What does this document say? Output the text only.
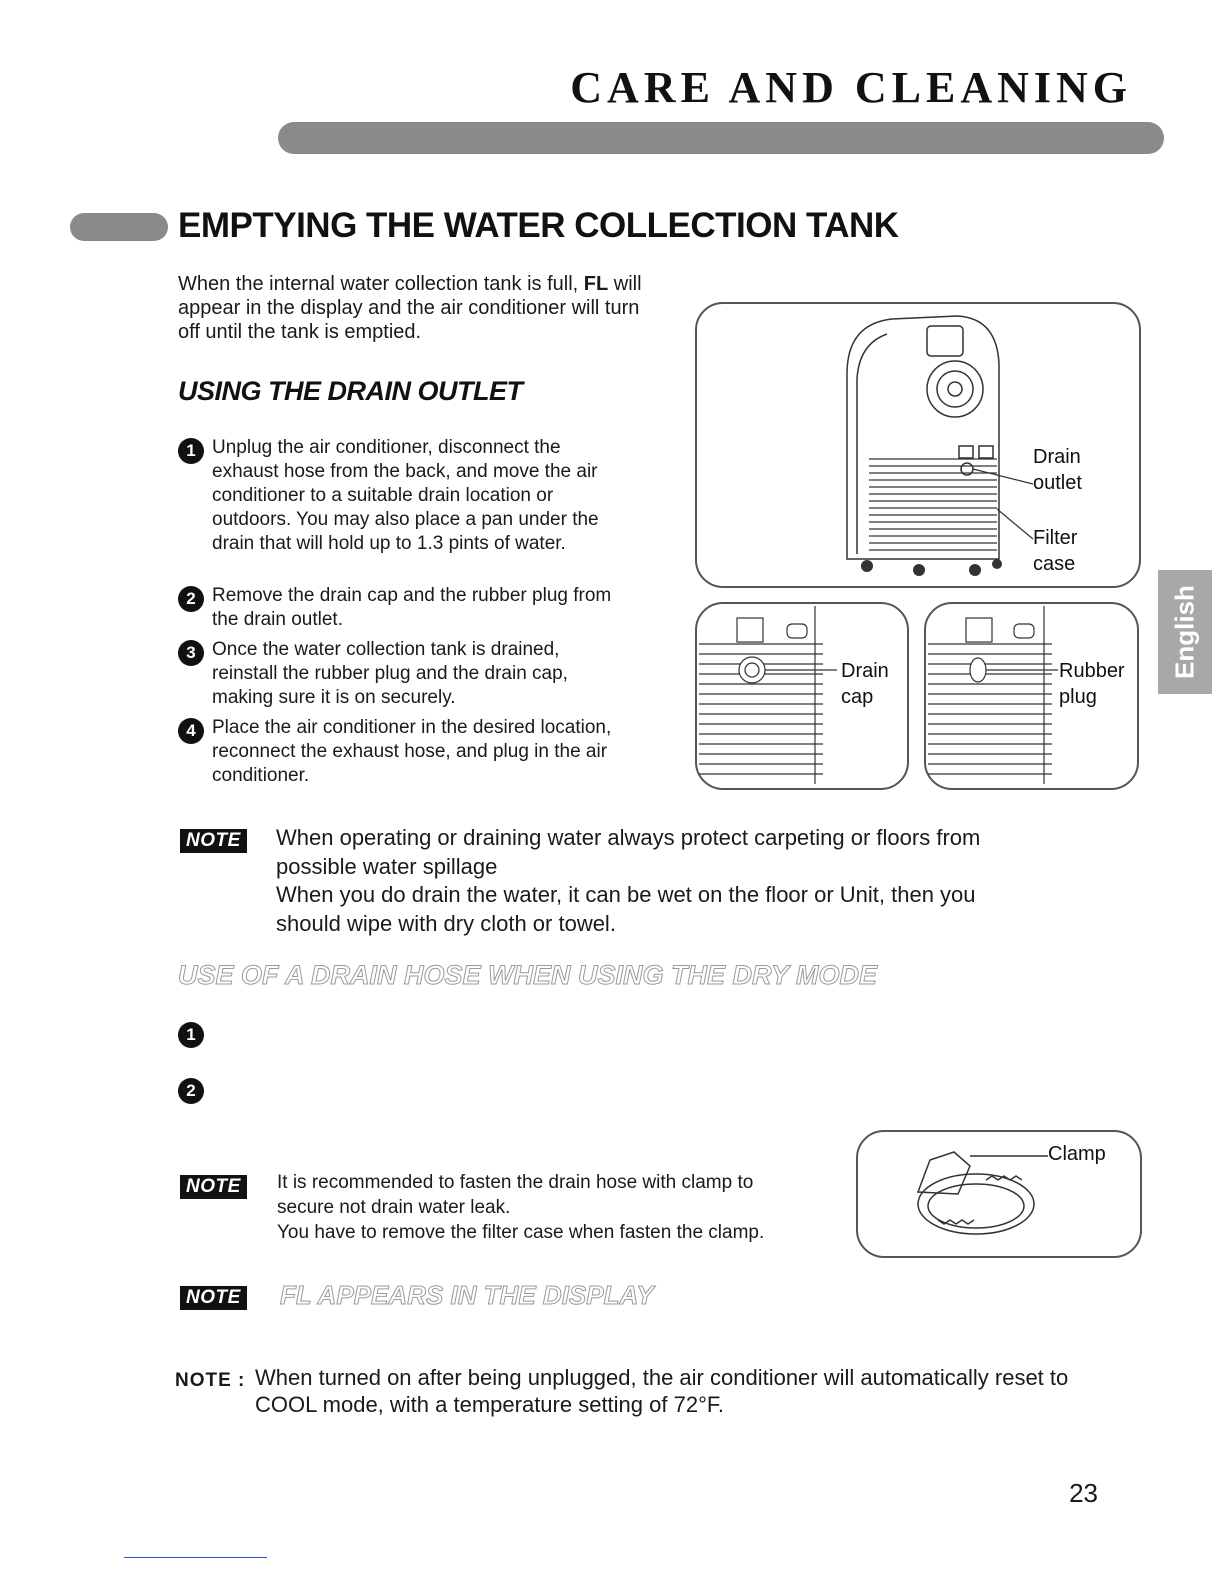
CARE AND CLEANING
EMPTYING THE WATER COLLECTION TANK
When the internal water collection tank is full, FL will appear in the display and the air conditioner will turn off until the tank is emptied.
USING THE DRAIN OUTLET
1 Unplug the air conditioner, disconnect the exhaust hose from the back, and move the air conditioner to a suitable drain location or outdoors. You may also place a pan under the drain that will hold up to 1.3 pints of water.
2 Remove the drain cap and the rubber plug from the drain outlet.
3 Once the water collection tank is drained, reinstall the rubber plug and the drain cap, making sure it is on securely.
4 Place the air conditioner in the desired location, reconnect the exhaust hose, and plug in the air conditioner.
Drain
outlet
Filter
case
Drain
cap
Rubber
plug
NOTE When operating or draining water always protect carpeting or floors from
possible water spillage
When you do drain the water, it can be wet on the floor or Unit, then you
should wipe with dry cloth or towel.
USE OF A DRAIN HOSE WHEN USING THE DRY MODE
1
2
Clamp
NOTE	It is recommended to fasten the drain hose with clamp to
secure not drain water leak.
You have to remove the filter case when fasten the clamp.
NOTE FL APPEARS IN THE DISPLAY
NOTE : When turned on after being unplugged, the air conditioner will automatically reset to
COOL mode, with a temperature setting of 72°F.
English
23
